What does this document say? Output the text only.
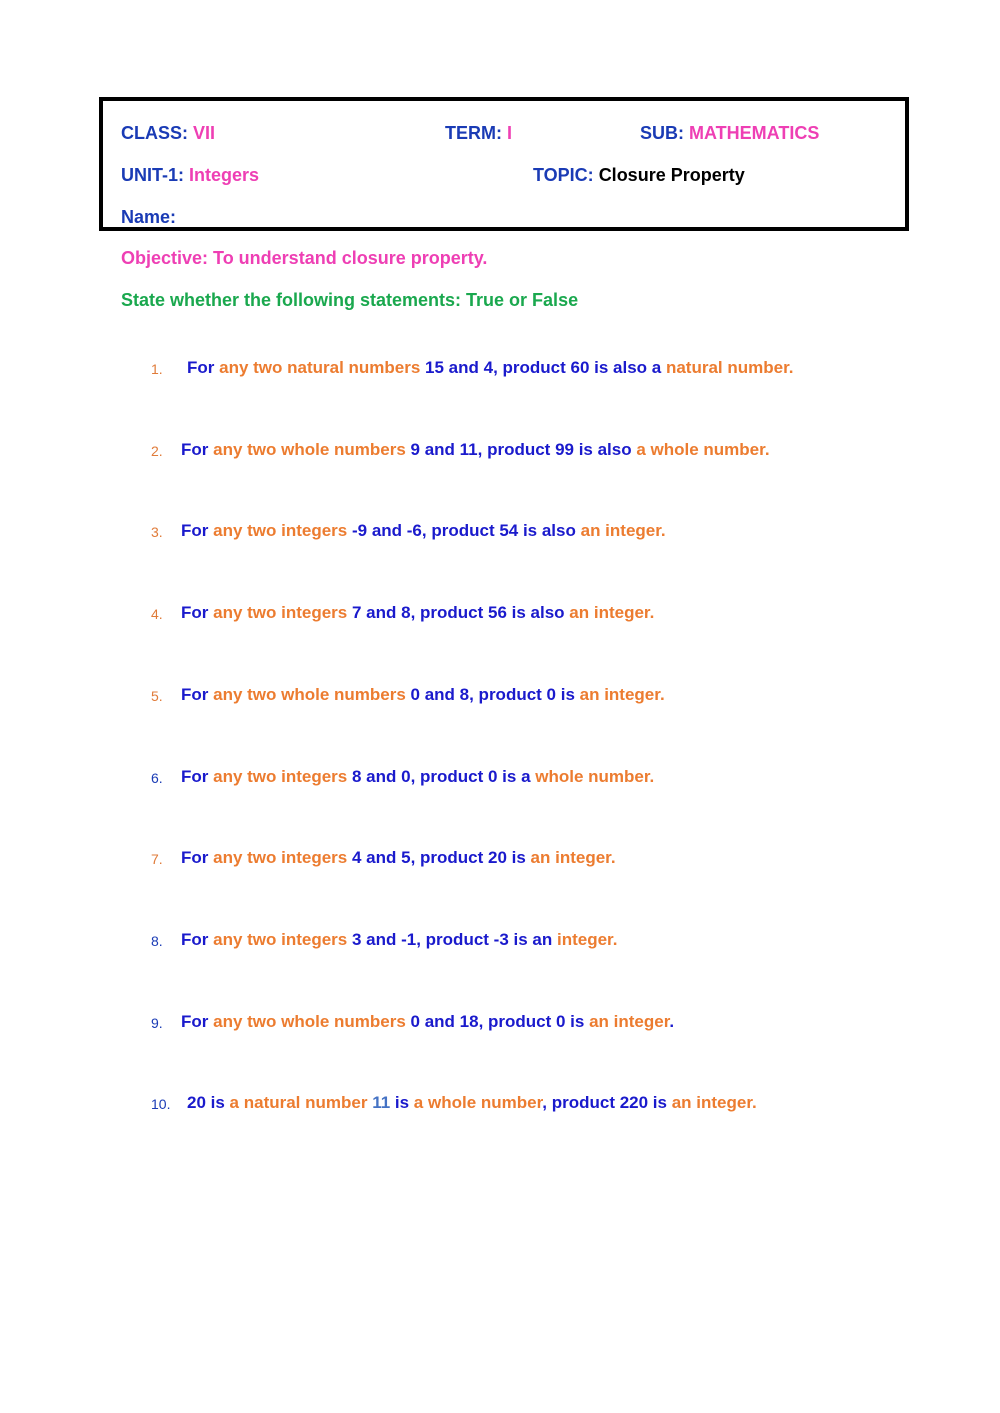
CLASS: VII	TERM: I	SUB: MATHEMATICS
UNIT-1: Integers	TOPIC: Closure Property
Name:
Objective: To understand closure property.
State whether the following statements: True or False
1. For any two natural numbers 15 and 4, product 60 is also a natural number.
2. For any two whole numbers 9 and 11, product 99 is also a whole number.
3. For any two integers -9 and -6, product 54 is also an integer.
4. For any two integers 7 and 8, product 56 is also an integer.
5. For any two whole numbers 0 and 8, product 0 is an integer.
6. For any two integers 8 and 0, product 0 is a whole number.
7. For any two integers 4 and 5, product 20 is an integer.
8. For any two integers 3 and -1, product -3 is an integer.
9. For any two whole numbers 0 and 18, product 0 is an integer.
10. 20 is a natural number 11 is a whole number, product 220 is an integer.
